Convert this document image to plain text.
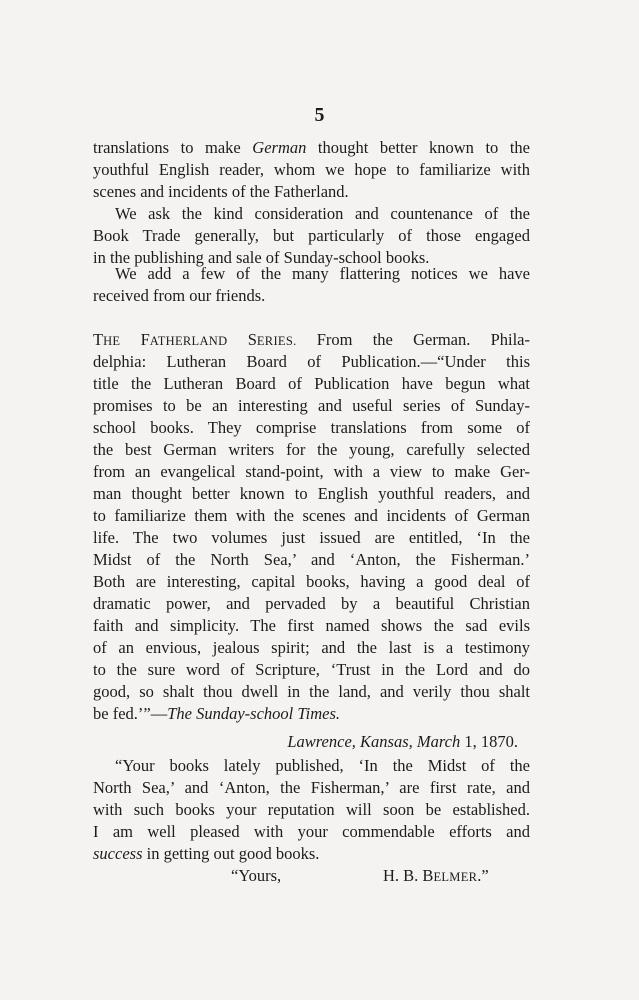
5
translations to make German thought better known to the
youthful English reader, whom we hope to familiarize with
scenes and incidents of the Fatherland.
We ask the kind consideration and countenance of the
Book Trade generally, but particularly of those engaged
in the publishing and sale of Sunday-school books.
We add a few of the many flattering notices we have
received from our friends.
THE FATHERLAND SERIES. From the German. Phila-
delphia: Lutheran Board of Publication.—“Under this
title the Lutheran Board of Publication have begun what
promises to be an interesting and useful series of Sunday-
school books. They comprise translations from some of
the best German writers for the young, carefully selected
from an evangelical stand-point, with a view to make Ger-
man thought better known to English youthful readers, and
to familiarize them with the scenes and incidents of German
life. The two volumes just issued are entitled, ‘In the
Midst of the North Sea,’ and ‘Anton, the Fisherman.’
Both are interesting, capital books, having a good deal of
dramatic power, and pervaded by a beautiful Christian
faith and simplicity. The first named shows the sad evils
of an envious, jealous spirit; and the last is a testimony
to the sure word of Scripture, ‘Trust in the Lord and do
good, so shalt thou dwell in the land, and verily thou shalt
be fed.’”—The Sunday-school Times.
Lawrence, Kansas, March 1, 1870.
“Your books lately published, ‘In the Midst of the
North Sea,’ and ‘Anton, the Fisherman,’ are first rate, and
with such books your reputation will soon be established.
I am well pleased with your commendable efforts and
success in getting out good books.
“Yours,	H. B. BELMER.”
